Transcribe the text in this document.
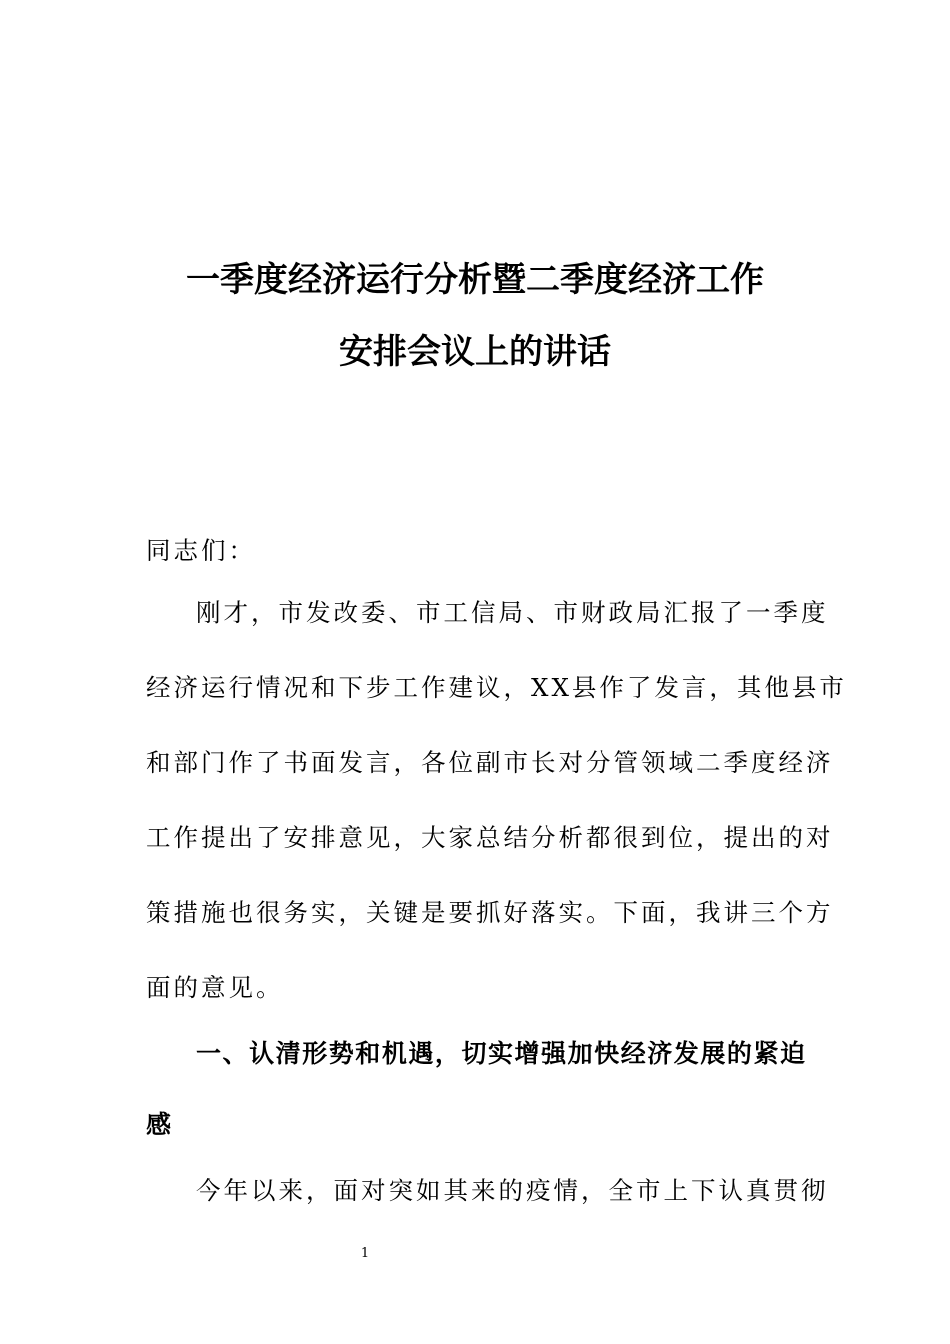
一季度经济运行分析暨二季度经济工作
安排会议上的讲话
同志们：
刚才，市发改委、市工信局、市财政局汇报了一季度
经济运行情况和下步工作建议，XX县作了发言，其他县市
和部门作了书面发言，各位副市长对分管领域二季度经济
工作提出了安排意见，大家总结分析都很到位，提出的对
策措施也很务实，关键是要抓好落实。下面，我讲三个方
面的意见。
一、认清形势和机遇，切实增强加快经济发展的紧迫
感
今年以来，面对突如其来的疫情，全市上下认真贯彻
1
